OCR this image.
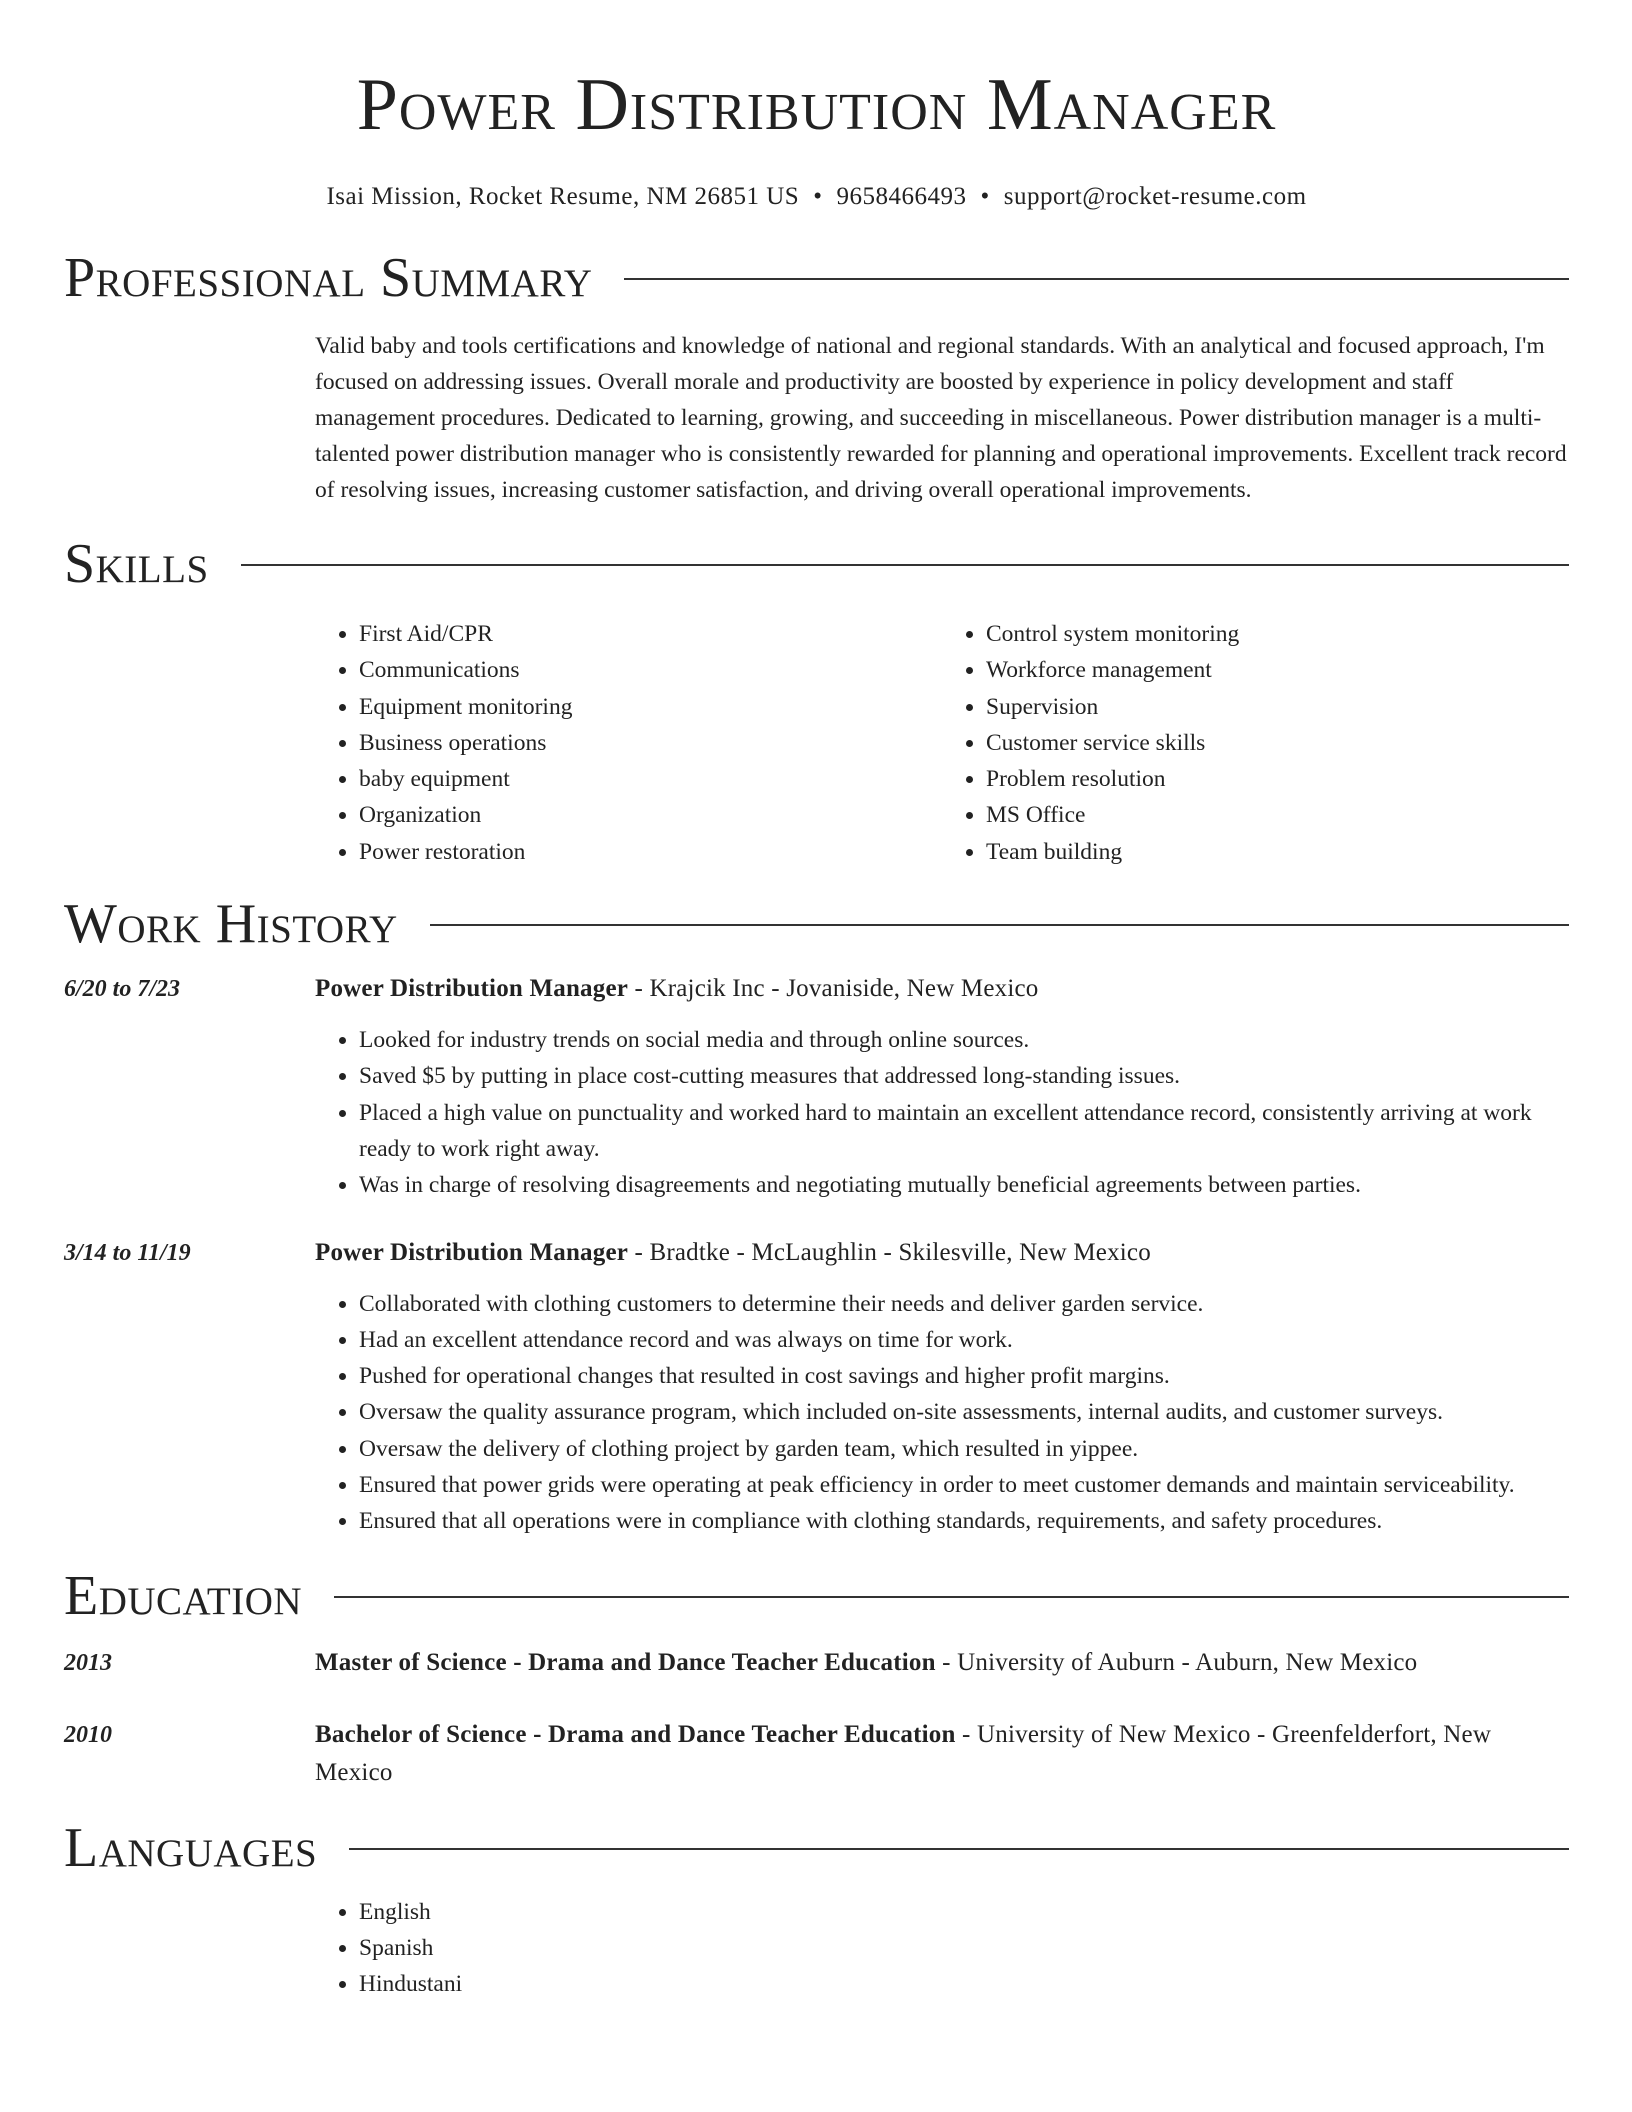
Power Distribution Manager
Isai Mission, Rocket Resume, NM 26851 US • 9658466493 • support@rocket-resume.com
Professional Summary

Valid baby and tools certifications and knowledge of national and regional standards. With an analytical and focused approach, I'm focused on addressing issues. Overall morale and productivity are boosted by experience in policy development and staff management procedures. Dedicated to learning, growing, and succeeding in miscellaneous. Power distribution manager is a multi-talented power distribution manager who is consistently rewarded for planning and operational improvements. Excellent track record of resolving issues, increasing customer satisfaction, and driving overall operational improvements.

Skills
• First Aid/CPR
• Communications
• Equipment monitoring
• Business operations
• baby equipment
• Organization
• Power restoration
• Control system monitoring
• Workforce management
• Supervision
• Customer service skills
• Problem resolution
• MS Office
• Team building
Work History
6/20 to 7/23	Power Distribution Manager - Krajcik Inc - Jovaniside, New Mexico
• Looked for industry trends on social media and through online sources.
• Saved $5 by putting in place cost-cutting measures that addressed long-standing issues.
• Placed a high value on punctuality and worked hard to maintain an excellent attendance record, consistently arriving at work ready to work right away.
• Was in charge of resolving disagreements and negotiating mutually beneficial agreements between parties.
3/14 to 11/19	Power Distribution Manager - Bradtke - McLaughlin - Skilesville, New Mexico
• Collaborated with clothing customers to determine their needs and deliver garden service.
• Had an excellent attendance record and was always on time for work.
• Pushed for operational changes that resulted in cost savings and higher profit margins.
• Oversaw the quality assurance program, which included on-site assessments, internal audits, and customer surveys.
• Oversaw the delivery of clothing project by garden team, which resulted in yippee.
• Ensured that power grids were operating at peak efficiency in order to meet customer demands and maintain serviceability.
• Ensured that all operations were in compliance with clothing standards, requirements, and safety procedures.
Education
2013	Master of Science - Drama and Dance Teacher Education - University of Auburn - Auburn, New Mexico
2010	Bachelor of Science - Drama and Dance Teacher Education - University of New Mexico - Greenfelderfort, New Mexico
Languages
• English
• Spanish
• Hindustani
